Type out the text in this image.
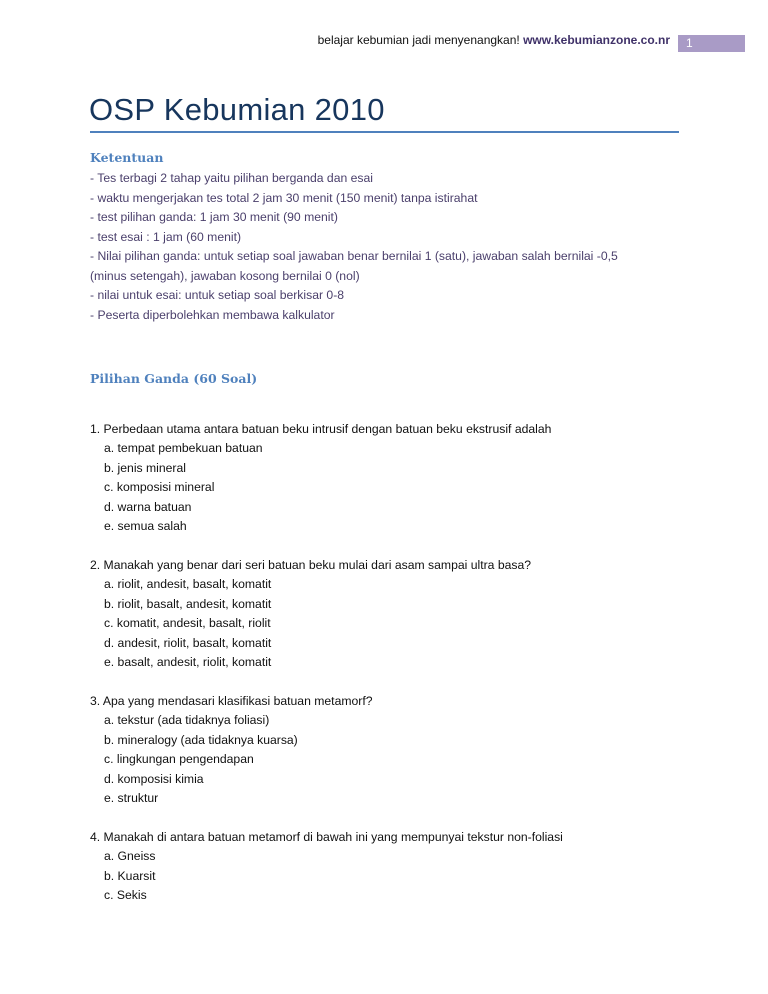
belajar kebumian jadi menyenangkan! www.kebumianzone.co.nr	1
OSP Kebumian 2010
Ketentuan
- Tes terbagi 2 tahap yaitu pilihan berganda dan esai
- waktu mengerjakan tes total 2 jam 30 menit (150 menit) tanpa istirahat
- test pilihan ganda: 1 jam 30 menit (90 menit)
- test esai : 1 jam (60 menit)
- Nilai pilihan ganda: untuk setiap soal jawaban benar bernilai 1 (satu), jawaban salah bernilai -0,5
(minus setengah), jawaban kosong bernilai 0 (nol)
- nilai untuk esai: untuk setiap soal berkisar 0-8
- Peserta diperbolehkan membawa kalkulator
Pilihan Ganda (60 Soal)
1. Perbedaan utama antara batuan beku intrusif dengan batuan beku ekstrusif adalah
a. tempat pembekuan batuan
b. jenis mineral
c. komposisi mineral
d. warna batuan
e. semua salah
2. Manakah yang benar dari seri batuan beku mulai dari asam sampai ultra basa?
a. riolit, andesit, basalt, komatit
b. riolit, basalt, andesit, komatit
c. komatit, andesit, basalt, riolit
d. andesit, riolit, basalt, komatit
e. basalt, andesit, riolit, komatit
3. Apa yang mendasari klasifikasi batuan metamorf?
a. tekstur (ada tidaknya foliasi)
b. mineralogy (ada tidaknya kuarsa)
c. lingkungan pengendapan
d. komposisi kimia
e. struktur
4. Manakah di antara batuan metamorf di bawah ini yang mempunyai tekstur non-foliasi
a. Gneiss
b. Kuarsit
c. Sekis
